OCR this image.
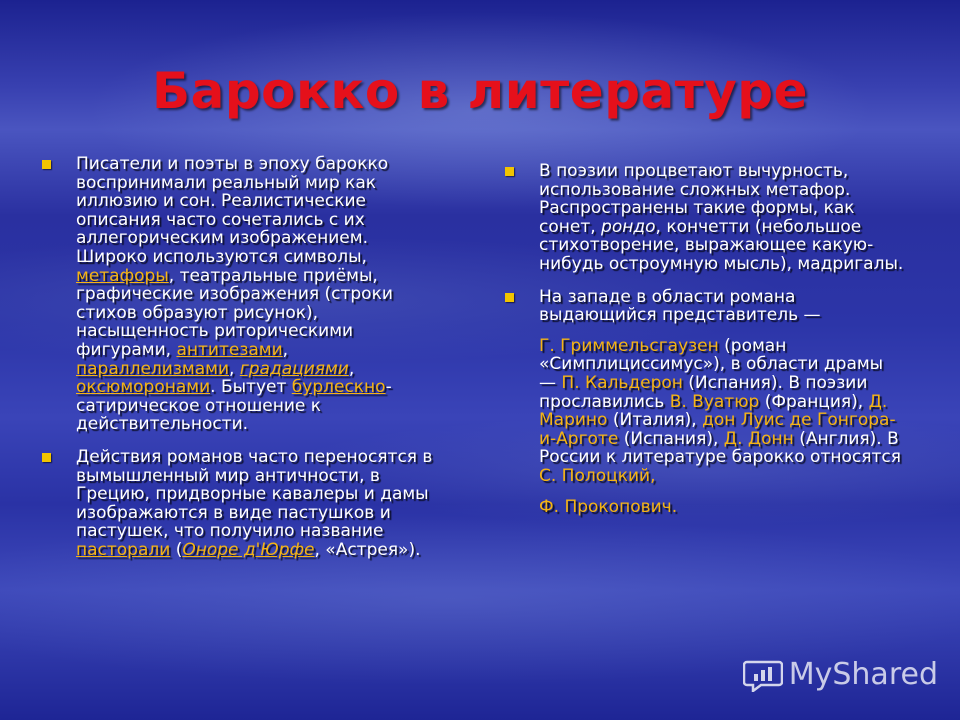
Барокко в литературе

Писатели и поэты в эпоху барокко воспринимали реальный мир как иллюзию и сон. Реалистические описания часто сочетались с их аллегорическим изображением. Широко используются символы, метафоры, театральные приёмы, графические изображения (строки стихов образуют рисунок), насыщенность риторическими фигурами, антитезами, параллелизмами, градациями, оксюморонами. Бытует бурлескно-сатирическое отношение к действительности.

Действия романов часто переносятся в вымышленный мир античности, в Грецию, придворные кавалеры и дамы изображаются в виде пастушков и пастушек, что получило название пасторали (Оноре д'Юрфе, «Астрея»).

В поэзии процветают вычурность, использование сложных метафор. Распространены такие формы, как сонет, рондо, кончетти (небольшое стихотворение, выражающее какую-нибудь остроумную мысль), мадригалы.

На западе в области романа выдающийся представитель —

Г. Гриммельсгаузен (роман «Симплициссимус»), в области драмы — П. Кальдерон (Испания). В поэзии прославились В. Вуатюр (Франция), Д. Марино (Италия), дон Луис де Гонгора-и-Арготе (Испания), Д. Донн (Англия). В России к литературе барокко относятся С. Полоцкий,

Ф. Прокопович.

MyShared
